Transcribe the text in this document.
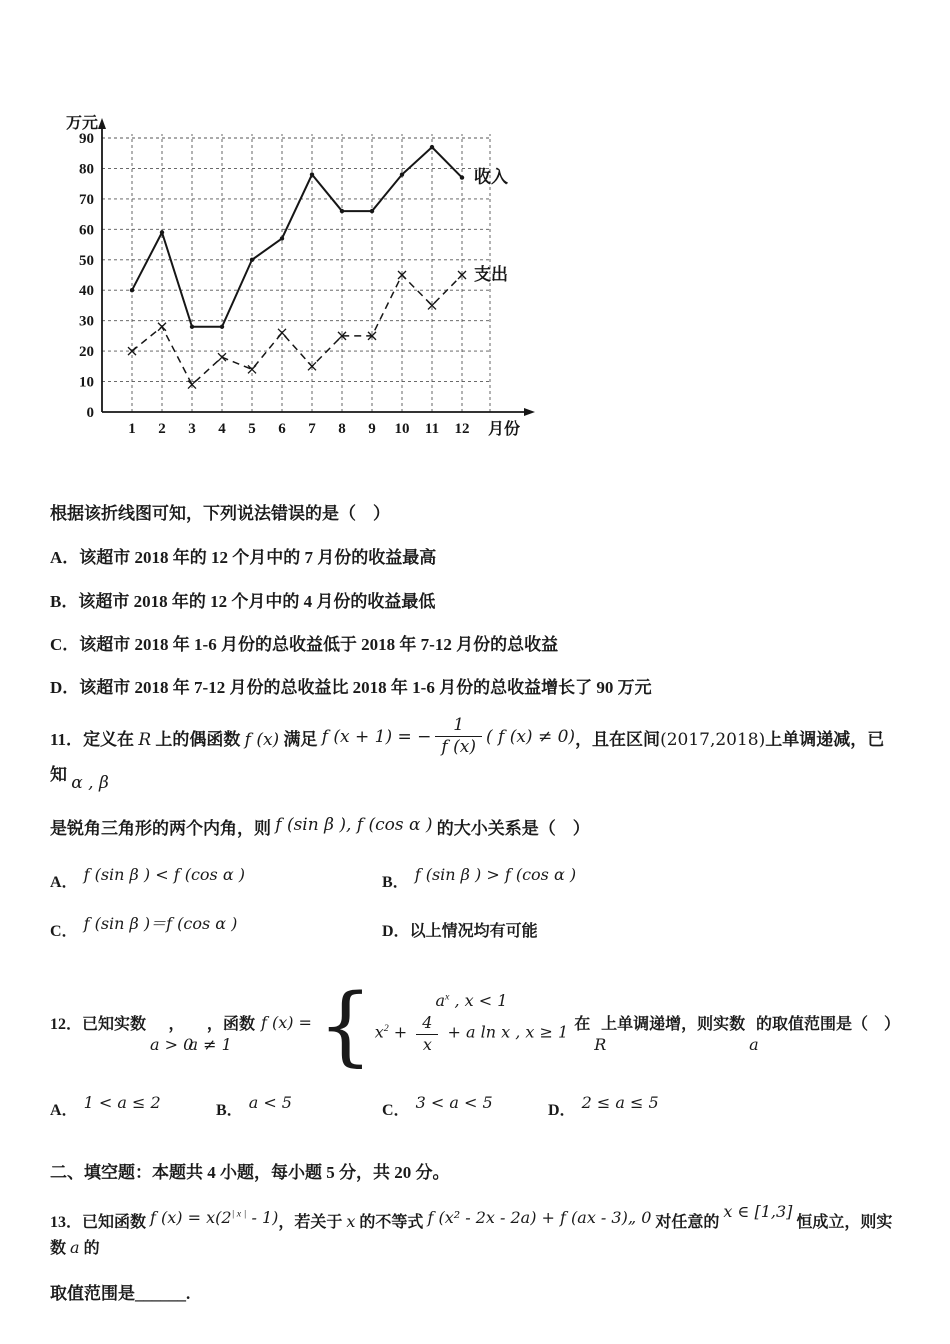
0
10
20
30
40
50
60
70
80
90
1 2 3 4 5 6 7 8 9 10 11 12
万元
月份
收入
支出
根据该折线图可知，下列说法错误的是（　）
A．该超市 2018 年的 12 个月中的 7 月份的收益最高
B．该超市 2018 年的 12 个月中的 4 月份的收益最低
C．该超市 2018 年 1-6 月份的总收益低于 2018 年 7-12 月份的总收益
D．该超市 2018 年 7-12 月份的总收益比 2018 年 1-6 月份的总收益增长了 90 万元
11．定义在 R 上的偶函数 f (x) 满足 f (x + 1) = − $\frac{1}{f (x)}$ ( f (x) ≠ 0) ，且在区间(2017,2018)上单调递减，已知 α , β
是锐角三角形的两个内角，则 f (sin β ), f (cos α ) 的大小关系是（　）
A． f (sin β ) < f (cos α )	B． f (sin β ) > f (cos α )
C． f (sin β )＝f (cos α )	D．以上情况均有可能
12． 已知实数
a > 0
，
a ≠ 1
， 函数 f (x) = {	$a^x$ , x < 1
$x^2 + \frac{4}{x} + a$ ln x , x ≥ 1 在
R
上单调递增，则实数
a
的取值范围是（　）
A． 1 < a ≤ 2	B． a < 5	C． 3 < a < 5	D． 2 ≤ a ≤ 5
二、填空题：本题共 4 小题，每小题 5 分，共 20 分。
13．已知函数 f $(x) = x(2^{| x |} - 1)$，若关于 x 的不等式 f (x² - 2x - 2a) + f (ax - 3)„ 0 对任意的 x ∈ [1,3] 恒成立，则实数 a 的
取值范围是______.
